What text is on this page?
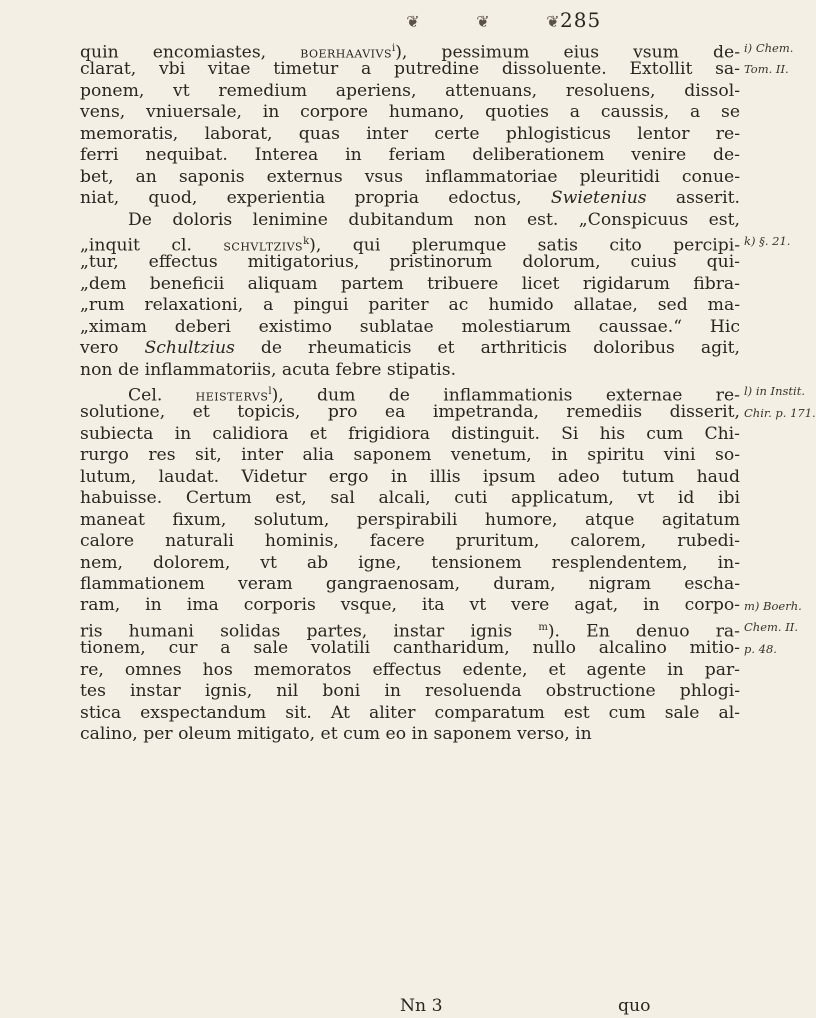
❦	❦	❦ 285
quin encomiastes, boerhaavivs$^i$), pessimum eius vsum de-
clarat, vbi vitae timetur a putredine dissoluente. Extollit sa-
ponem, vt remedium aperiens, attenuans, resoluens, dissol-
vens, vniuersale, in corpore humano, quoties a caussis, a se
memoratis, laborat, quas inter certe phlogisticus lentor re-
ferri nequibat. Interea in feriam deliberationem venire de-
bet, an saponis externus vsus inflammatoriae pleuritidi conue-
niat, quod, experientia propria edoctus, Swietenius asserit.
De doloris lenimine dubitandum non est. „Conspicuus est,
„inquit cl. schvltzivs$^k$), qui plerumque satis cito percipi-
„tur, effectus mitigatorius, pristinorum dolorum, cuius qui-
„dem beneficii aliquam partem tribuere licet rigidarum fibra-
„rum relaxationi, a pingui pariter ac humido allatae, sed ma-
„ximam deberi existimo sublatae molestiarum caussae.“ Hic
vero Schultzius de rheumaticis et arthriticis doloribus agit,
non de inflammatoriis, acuta febre stipatis.
Cel. heistervs$^l$), dum de inflammationis externae re-
solutione, et topicis, pro ea impetranda, remediis disserit,
subiecta in calidiora et frigidiora distinguit. Si his cum Chi-
rurgo res sit, inter alia saponem venetum, in spiritu vini so-
lutum, laudat. Videtur ergo in illis ipsum adeo tutum haud
habuisse. Certum est, sal alcali, cuti applicatum, vt id ibi
maneat fixum, solutum, perspirabili humore, atque agitatum
calore naturali hominis, facere pruritum, calorem, rubedi-
nem, dolorem, vt ab igne, tensionem resplendentem, in-
flammationem veram gangraenosam, duram, nigram escha-
ram, in ima corporis vsque, ita vt vere agat, in corpo-
ris humani solidas partes, instar ignis $^m$). En denuo ra-
tionem, cur a sale volatili cantharidum, nullo alcalino mitio-
re, omnes hos memoratos effectus edente, et agente in par-
tes instar ignis, nil boni in resoluenda obstructione phlogi-
stica exspectandum sit. At aliter comparatum est cum sale al-
calino, per oleum mitigato, et cum eo in saponem verso, in
i) Chem.
Tom. II.
k) §. 21.
l) in Instit.
Chir. p. 171.
m) Boerh.
Chem. II.
p. 48.
Nn 3	quo
